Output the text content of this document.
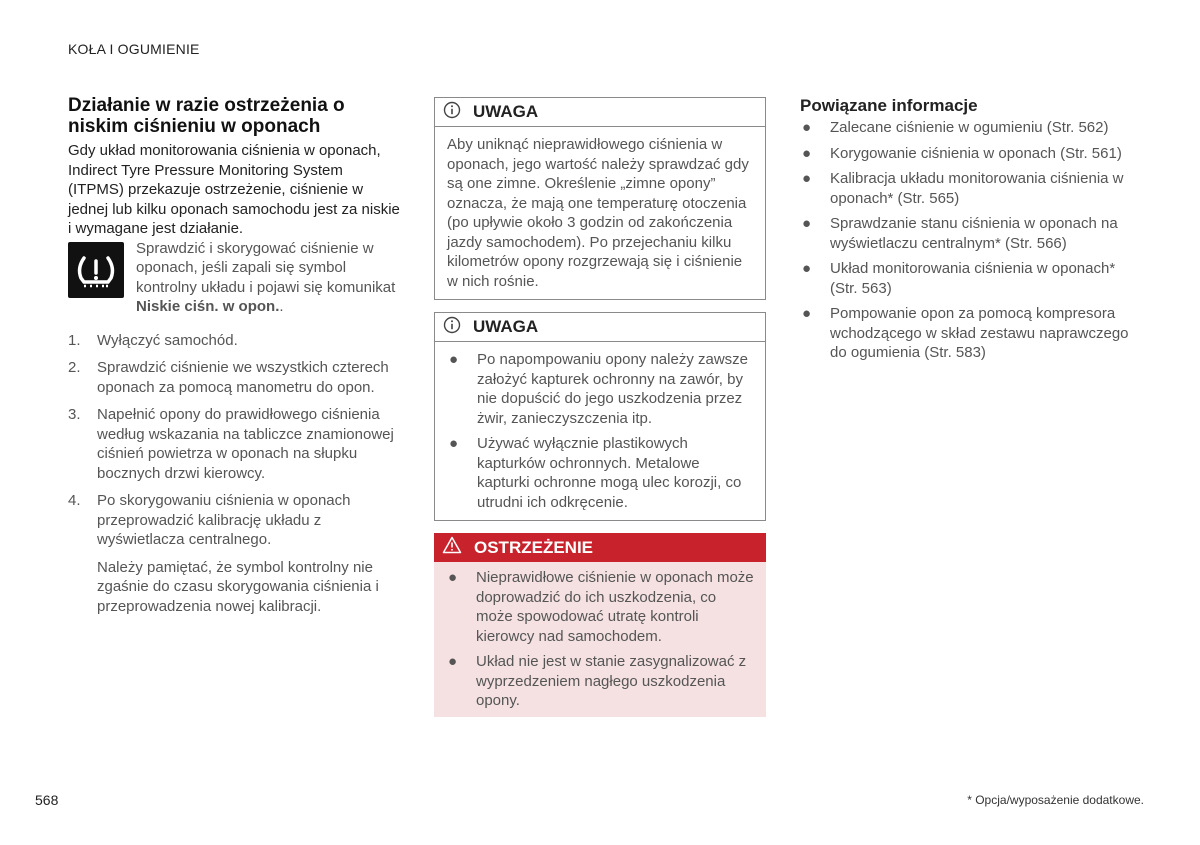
KOŁA I OGUMIENIE
Działanie w razie ostrzeżenia o niskim ciśnieniu w oponach

Gdy układ monitorowania ciśnienia w oponach, Indirect Tyre Pressure Monitoring System (ITPMS) przekazuje ostrzeżenie, ciśnienie w jednej lub kilku oponach samochodu jest za niskie i wymagane jest działanie.

Sprawdzić i skorygować ciśnienie w oponach, jeśli zapali się symbol kontrolny układu i pojawi się komunikat Niskie ciśn. w opon..

1.	Wyłączyć samochód.
2.	Sprawdzić ciśnienie we wszystkich czterech oponach za pomocą manometru do opon.
3.	Napełnić opony do prawidłowego ciśnienia według wskazania na tabliczce znamionowej ciśnień powietrza w oponach na słupku bocznych drzwi kierowcy.
4.	Po skorygowaniu ciśnienia w oponach przeprowadzić kalibrację układu z wyświetlacza centralnego.

Należy pamiętać, że symbol kontrolny nie zgaśnie do czasu skorygowania ciśnienia i przeprowadzenia nowej kalibracji.

UWAGA
Aby uniknąć nieprawidłowego ciśnienia w oponach, jego wartość należy sprawdzać gdy są one zimne. Określenie „zimne opony” oznacza, że mają one temperaturę otoczenia (po upływie około 3 godzin od zakończenia jazdy samochodem). Po przejechaniu kilku kilometrów opony rozgrzewają się i ciśnienie w nich rośnie.
UWAGA
●	Po napompowaniu opony należy zawsze założyć kapturek ochronny na zawór, by nie dopuścić do jego uszkodzenia przez żwir, zanieczyszczenia itp.
●	Używać wyłącznie plastikowych kapturków ochronnych. Metalowe kapturki ochronne mogą ulec korozji, co utrudni ich odkręcenie.
OSTRZEŻENIE
●	Nieprawidłowe ciśnienie w oponach może doprowadzić do ich uszkodzenia, co może spowodować utratę kontroli kierowcy nad samochodem.
●	Układ nie jest w stanie zasygnalizować z wyprzedzeniem nagłego uszkodzenia opony.
Powiązane informacje
●	Zalecane ciśnienie w ogumieniu (Str. 562)
●	Korygowanie ciśnienia w oponach (Str. 561)
●	Kalibracja układu monitorowania ciśnienia w oponach* (Str. 565)
●	Sprawdzanie stanu ciśnienia w oponach na wyświetlaczu centralnym* (Str. 566)
●	Układ monitorowania ciśnienia w oponach* (Str. 563)
●	Pompowanie opon za pomocą kompresora wchodzącego w skład zestawu naprawczego do ogumienia (Str. 583)
568	* Opcja/wyposażenie dodatkowe.
